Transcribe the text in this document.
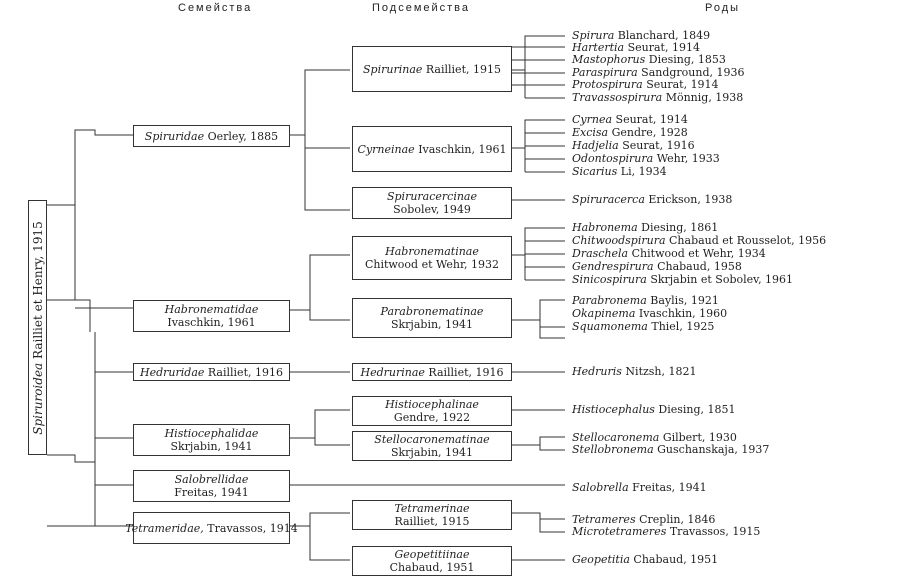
Семейства	Подсемейства	Роды
Spiruroidea Railliet et Henry, 1915
Spiruridae Oerley, 1885
Habronematidae
Ivaschkin, 1961
Hedruridae Railliet, 1916
Histiocephalidae
Skrjabin, 1941
Salobrellidae
Freitas, 1941
Tetrameridae, Travassos, 1914
Spirurinae Railliet, 1915
Cyrneinae Ivaschkin, 1961
Spiruracercinae
Sobolev, 1949
Habronematinae
Chitwood et Wehr, 1932
Parabronematinae
Skrjabin, 1941
Hedrurinae Railliet, 1916
Histiocephalinae
Gendre, 1922
Stellocaronematinae
Skrjabin, 1941
Tetramerinae
Railliet, 1915
Geopetitiinae
Chabaud, 1951
Spirura Blanchard, 1849
Hartertia Seurat, 1914
Mastophorus Diesing, 1853
Paraspirura Sandground, 1936
Protospirura Seurat, 1914
Travassospirura Mönnig, 1938
Cyrnea Seurat, 1914
Excisa Gendre, 1928
Hadjelia Seurat, 1916
Odontospirura Wehr, 1933
Sicarius Li, 1934
Spiruracerca Erickson, 1938
Habronema Diesing, 1861
Chitwoodspirura Chabaud et Rousselot, 1956
Draschela Chitwood et Wehr, 1934
Gendrespirura Chabaud, 1958
Sinicospirura Skrjabin et Sobolev, 1961
Parabronema Baylis, 1921
Okapinema Ivaschkin, 1960
Squamonema Thiel, 1925
Hedruris Nitzsh, 1821
Histiocephalus Diesing, 1851
Stellocaronema Gilbert, 1930
Stellobronema Guschanskaja, 1937
Salobrella Freitas, 1941
Tetrameres Creplin, 1846
Microtetrameres Travassos, 1915
Geopetitia Chabaud, 1951
